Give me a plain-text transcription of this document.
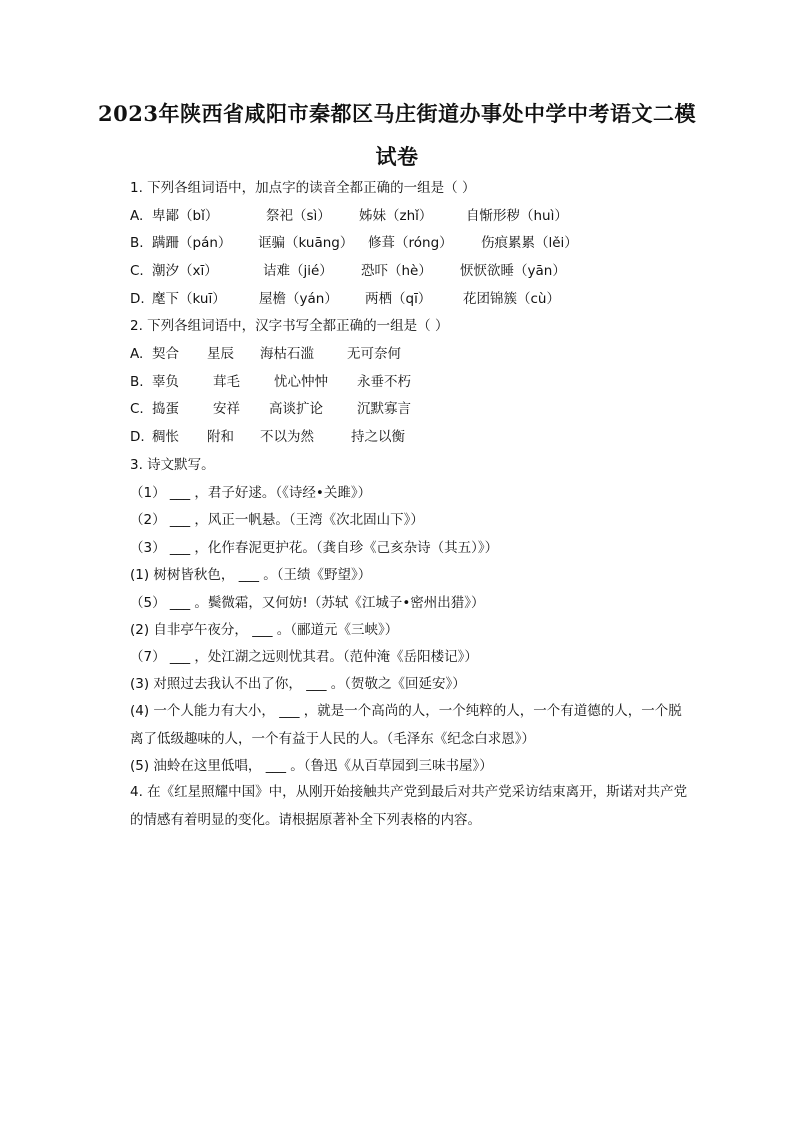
2023年陕西省咸阳市秦都区马庄街道办事处中学中考语文二模
试卷
1. 下列各组词语中，加点字的读音全都正确的一组是（ ）
A. 卑鄙（bǐ）	祭祀（sì） 姊妹（zhǐ） 自惭形秽（huì）
B. 蹒跚（pán） 诓骗（kuāng） 修葺（róng） 伤痕累累（lěi）
C. 潮汐（xī）	诘难（jié） 恐吓（hè） 恹恹欲睡（yān）
D. 麾下（kuī） 屋檐（yán） 两栖（qī） 花团锦簇（cù）
2. 下列各组词语中，汉字书写全都正确的一组是（ ）
A. 契合 星辰 海枯石滥 无可奈何
B. 辜负	茸毛	忧心忡忡 永垂不朽
C. 捣蛋	安祥 高谈扩论	沉默寡言
D. 稠怅 附和 不以为然	持之以衡
3. 诗文默写。
（1） ___ ，君子好逑。（《诗经•关雎》）
（2） ___ ，风正一帆悬。（王湾《次北固山下》）
（3） ___ ，化作春泥更护花。（龚自珍《己亥杂诗（其五）》）
(1) 树树皆秋色， ___ 。（王绩《野望》）
（5） ___ 。鬓微霜，又何妨!（苏轼《江城子•密州出猎》）
(2) 自非亭午夜分， ___ 。（郦道元《三峡》）
（7） ___ ，处江湖之远则忧其君。（范仲淹《岳阳楼记》）
(3) 对照过去我认不出了你， ___ 。（贺敬之《回延安》）
(4) 一个人能力有大小， ___ ，就是一个高尚的人，一个纯粹的人，一个有道德的人，一个脱离了低级趣味的人，一个有益于人民的人。（毛泽东《纪念白求恩》）
(5) 油蛉在这里低唱， ___ 。（鲁迅《从百草园到三味书屋》）
4. 在《红星照耀中国》中，从刚开始接触共产党到最后对共产党采访结束离开，斯诺对共产党的情感有着明显的变化。请根据原著补全下列表格的内容。
